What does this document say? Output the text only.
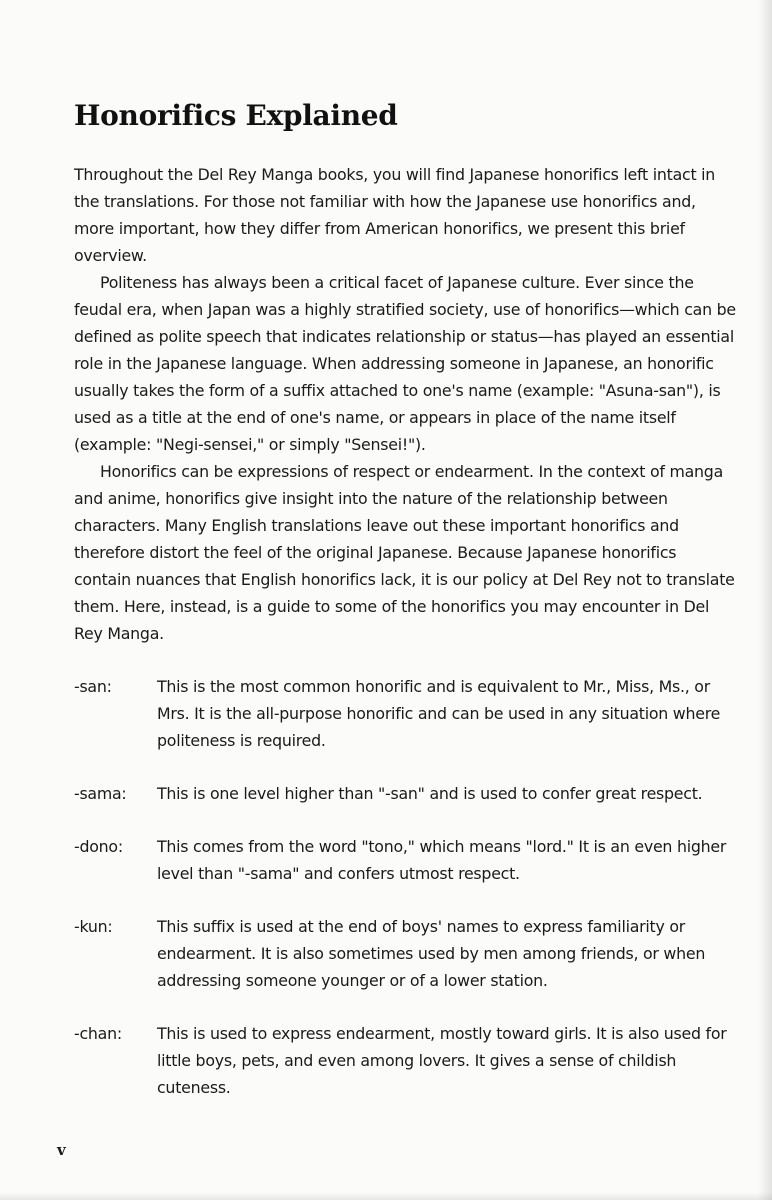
Honorifics Explained

Throughout the Del Rey Manga books, you will find Japanese honorifics left intact in the translations. For those not familiar with how the Japanese use honorifics and, more important, how they differ from American honorifics, we present this brief overview.

Politeness has always been a critical facet of Japanese culture. Ever since the feudal era, when Japan was a highly stratified society, use of honorifics—which can be defined as polite speech that indicates relationship or status—has played an essential role in the Japanese language. When addressing someone in Japanese, an honorific usually takes the form of a suffix attached to one's name (example: "Asuna-san"), is used as a title at the end of one's name, or appears in place of the name itself (example: "Negi-sensei," or simply "Sensei!").

Honorifics can be expressions of respect or endearment. In the context of manga and anime, honorifics give insight into the nature of the relationship between characters. Many English translations leave out these important honorifics and therefore distort the feel of the original Japanese. Because Japanese honorifics contain nuances that English honorifics lack, it is our policy at Del Rey not to translate them. Here, instead, is a guide to some of the honorifics you may encounter in Del Rey Manga.

-san:	This is the most common honorific and is equivalent to Mr., Miss, Ms., or Mrs. It is the all-purpose honorific and can be used in any situation where politeness is required.
-sama:	This is one level higher than "-san" and is used to confer great respect.
-dono:	This comes from the word "tono," which means "lord." It is an even higher level than "-sama" and confers utmost respect.
-kun:	This suffix is used at the end of boys' names to express familiarity or endearment. It is also sometimes used by men among friends, or when addressing someone younger or of a lower station.
-chan:	This is used to express endearment, mostly toward girls. It is also used for little boys, pets, and even among lovers. It gives a sense of childish cuteness.
v
